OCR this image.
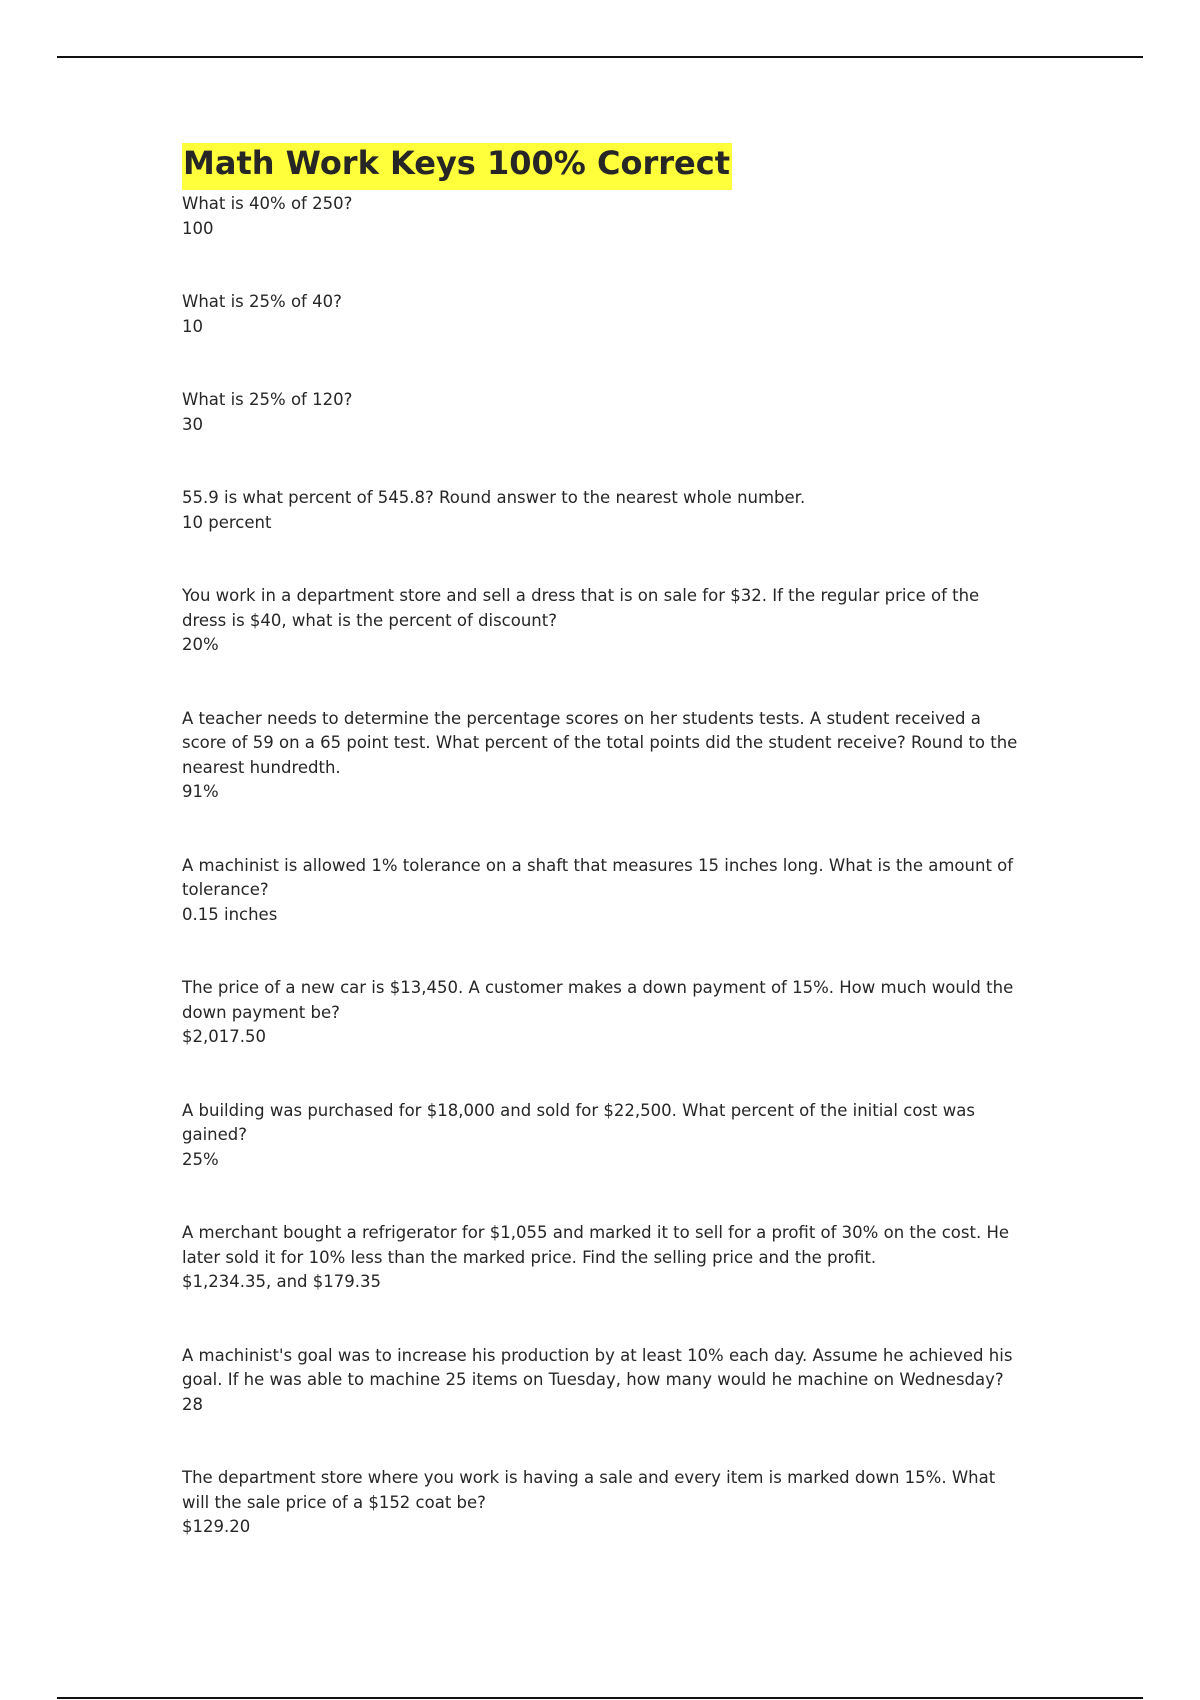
Math Work Keys 100% Correct
What is 40% of 250?
100
What is 25% of 40?
10
What is 25% of 120?
30
55.9 is what percent of 545.8? Round answer to the nearest whole number.
10 percent
You work in a department store and sell a dress that is on sale for $32. If the regular price of the dress is $40, what is the percent of discount?
20%
A teacher needs to determine the percentage scores on her students tests. A student received a score of 59 on a 65 point test. What percent of the total points did the student receive? Round to the nearest hundredth.
91%
A machinist is allowed 1% tolerance on a shaft that measures 15 inches long. What is the amount of tolerance?
0.15 inches
The price of a new car is $13,450. A customer makes a down payment of 15%. How much would the down payment be?
$2,017.50
A building was purchased for $18,000 and sold for $22,500. What percent of the initial cost was gained?
25%
A merchant bought a refrigerator for $1,055 and marked it to sell for a profit of 30% on the cost. He later sold it for 10% less than the marked price. Find the selling price and the profit.
$1,234.35, and $179.35
A machinist's goal was to increase his production by at least 10% each day. Assume he achieved his goal. If he was able to machine 25 items on Tuesday, how many would he machine on Wednesday?
28
The department store where you work is having a sale and every item is marked down 15%. What will the sale price of a $152 coat be?
$129.20
